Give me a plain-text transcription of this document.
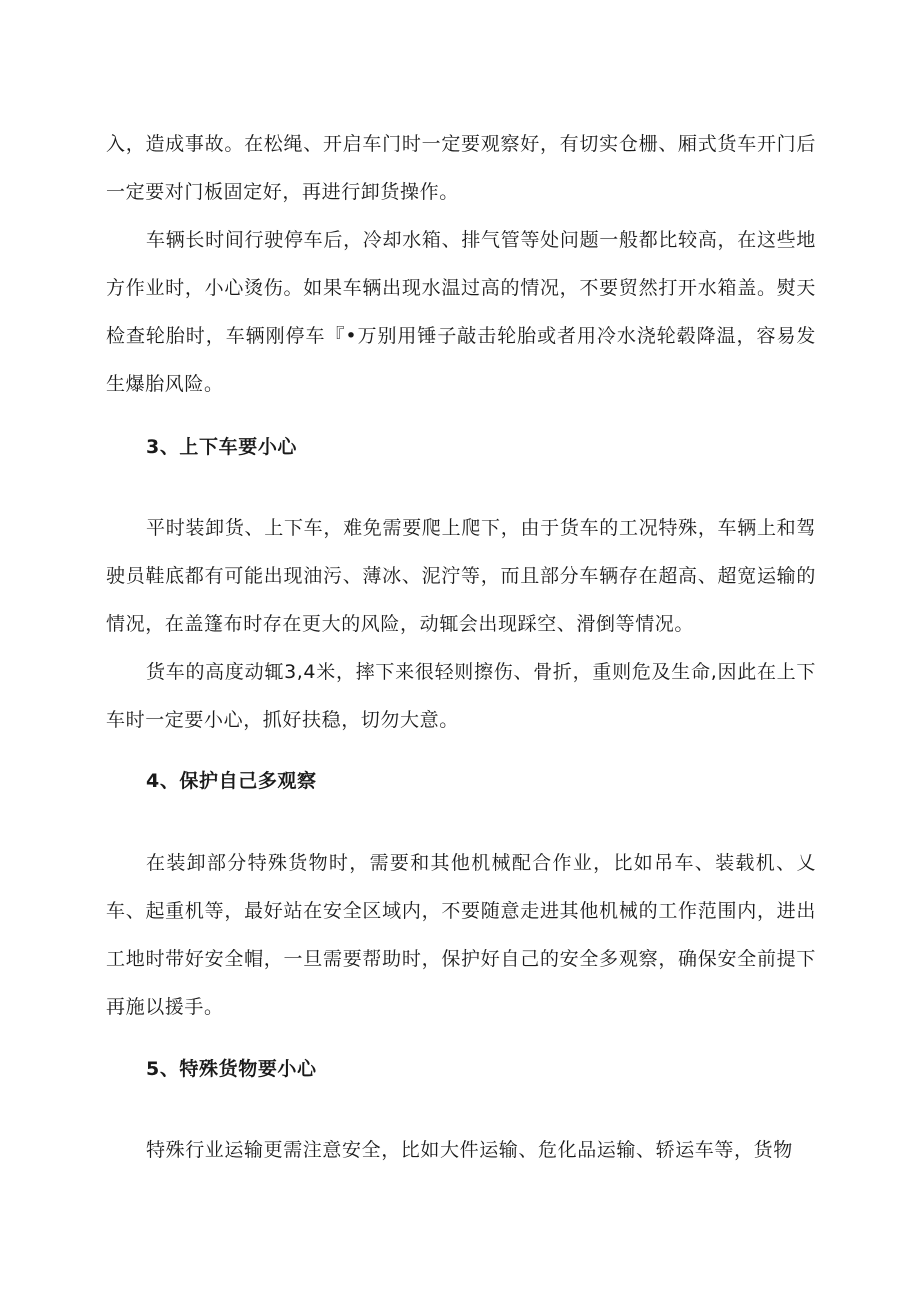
入，造成事故。在松绳、开启车门时一定要观察好，有切实仓栅、厢式货车开门后一定要对门板固定好，再进行卸货操作。

车辆长时间行驶停车后，冷却水箱、排气管等处问题一般都比较高，在这些地方作业时，小心烫伤。如果车辆出现水温过高的情况，不要贸然打开水箱盖。熨天检查轮胎时，车辆刚停车『•万别用锤子敲击轮胎或者用冷水浇轮毂降温，容易发生爆胎风险。

3、上下车要小心

平时装卸货、上下车，难免需要爬上爬下，由于货车的工况特殊，车辆上和驾驶员鞋底都有可能出现油污、薄冰、泥泞等，而且部分车辆存在超高、超宽运输的情况，在盖篷布时存在更大的风险，动辄会出现踩空、滑倒等情况。

货车的高度动辄3,4米，摔下来很轻则擦伤、骨折，重则危及生命,因此在上下车时一定要小心，抓好扶稳，切勿大意。

4、保护自己多观察

在装卸部分特殊货物时，需要和其他机械配合作业，比如吊车、装载机、乂车、起重机等，最好站在安全区域内，不要随意走进其他机械的工作范围内，进出工地时带好安全帽，一旦需要帮助时，保护好自己的安全多观察，确保安全前提下再施以援手。

5、特殊货物要小心

特殊行业运输更需注意安全，比如大件运输、危化品运输、轿运车等，货物
